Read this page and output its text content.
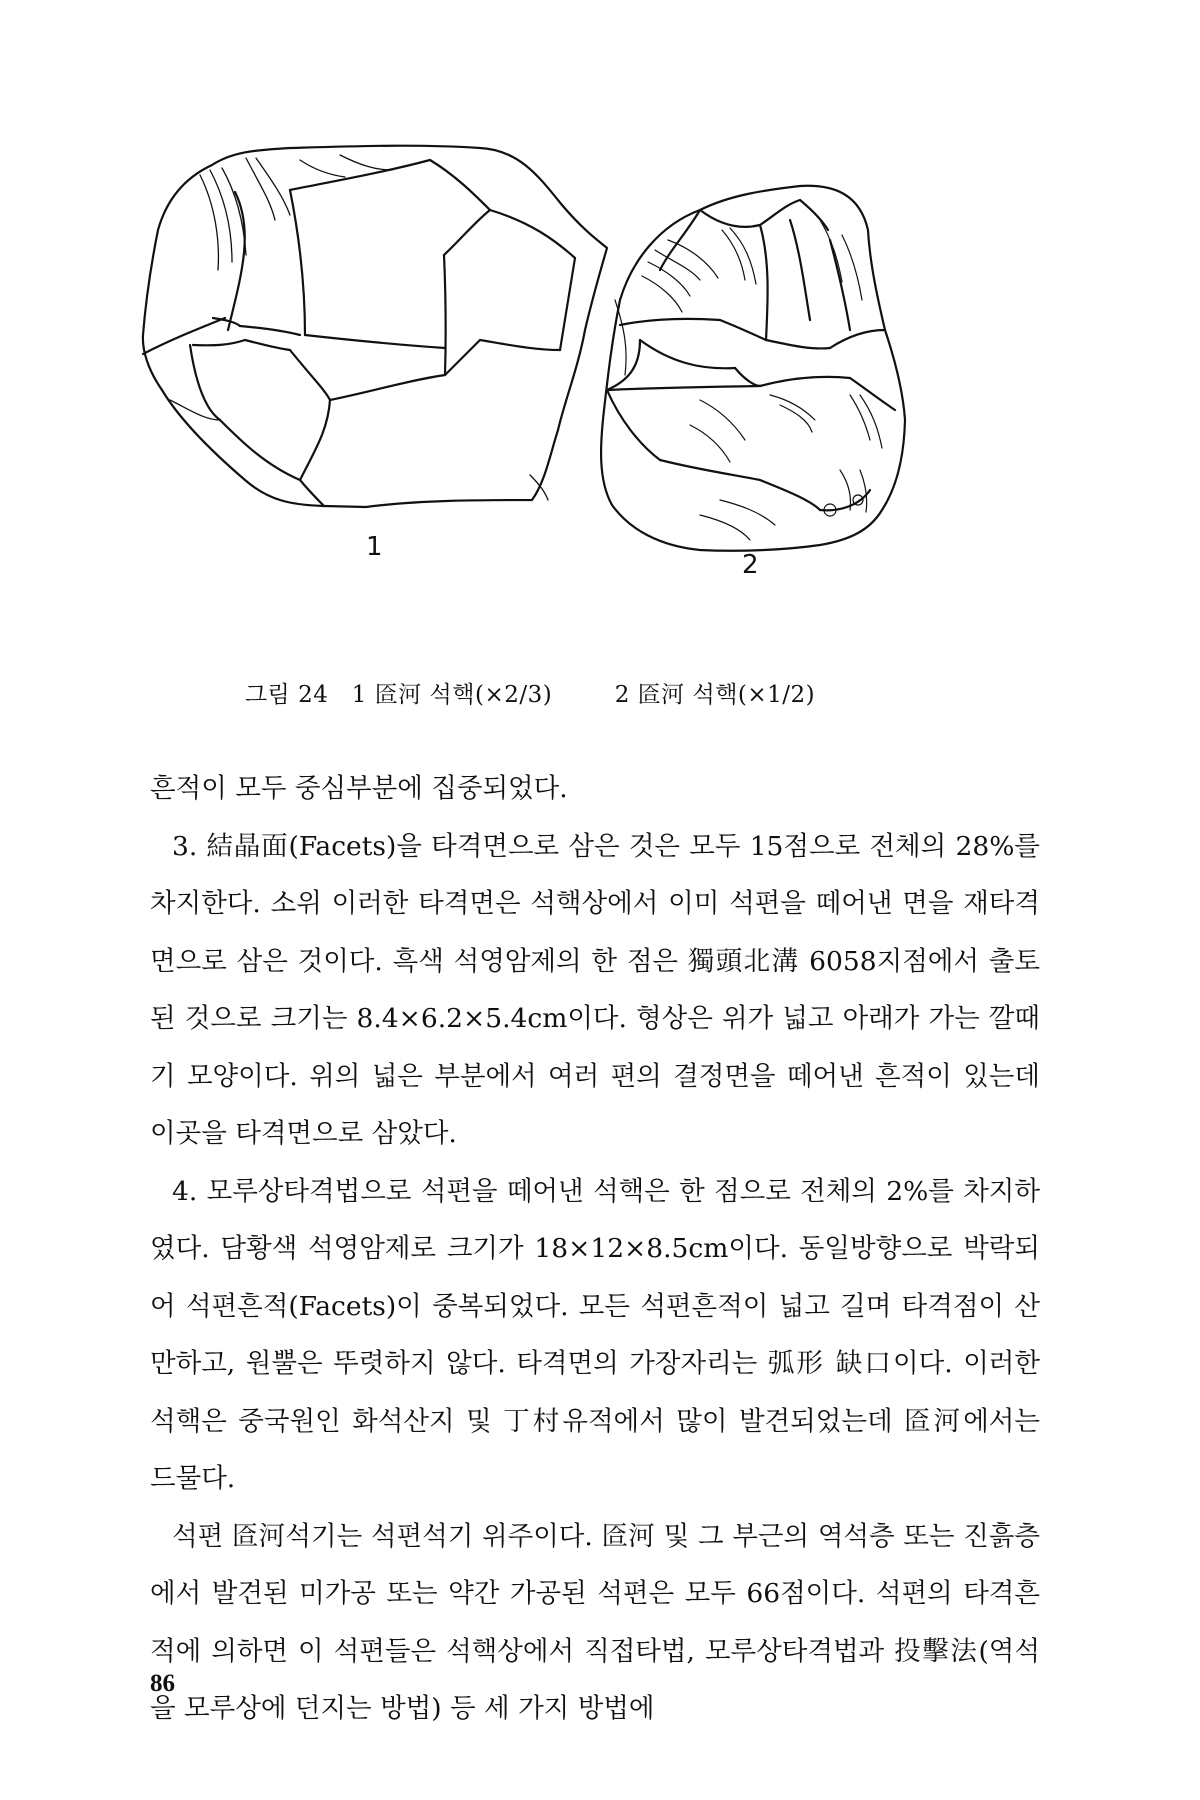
1
2
그림 24 1 匼河 석핵(×2/3)	2 匼河 석핵(×1/2)

흔적이 모두 중심부분에 집중되었다.

3. 結晶面(Facets)을 타격면으로 삼은 것은 모두 15점으로 전체의 28%를 차지한다. 소위 이러한 타격면은 석핵상에서 이미 석편을 떼어낸 면을 재타격면으로 삼은 것이다. 흑색 석영암제의 한 점은 獨頭北溝 6058지점에서 출토된 것으로 크기는 8.4×6.2×5.4cm이다. 형상은 위가 넓고 아래가 가는 깔때기 모양이다. 위의 넓은 부분에서 여러 편의 결정면을 떼어낸 흔적이 있는데 이곳을 타격면으로 삼았다.

4. 모루상타격법으로 석편을 떼어낸 석핵은 한 점으로 전체의 2%를 차지하였다. 담황색 석영암제로 크기가 18×12×8.5cm이다. 동일방향으로 박락되어 석편흔적(Facets)이 중복되었다. 모든 석편흔적이 넓고 길며 타격점이 산만하고, 원뿔은 뚜렷하지 않다. 타격면의 가장자리는 弧形 缺口이다. 이러한 석핵은 중국원인 화석산지 및 丁村유적에서 많이 발견되었는데 匼河에서는 드물다.

석편 匼河석기는 석편석기 위주이다. 匼河 및 그 부근의 역석층 또는 진흙층에서 발견된 미가공 또는 약간 가공된 석편은 모두 66점이다. 석편의 타격흔적에 의하면 이 석편들은 석핵상에서 직접타법, 모루상타격법과 投擊法(역석을 모루상에 던지는 방법) 등 세 가지 방법에

86
